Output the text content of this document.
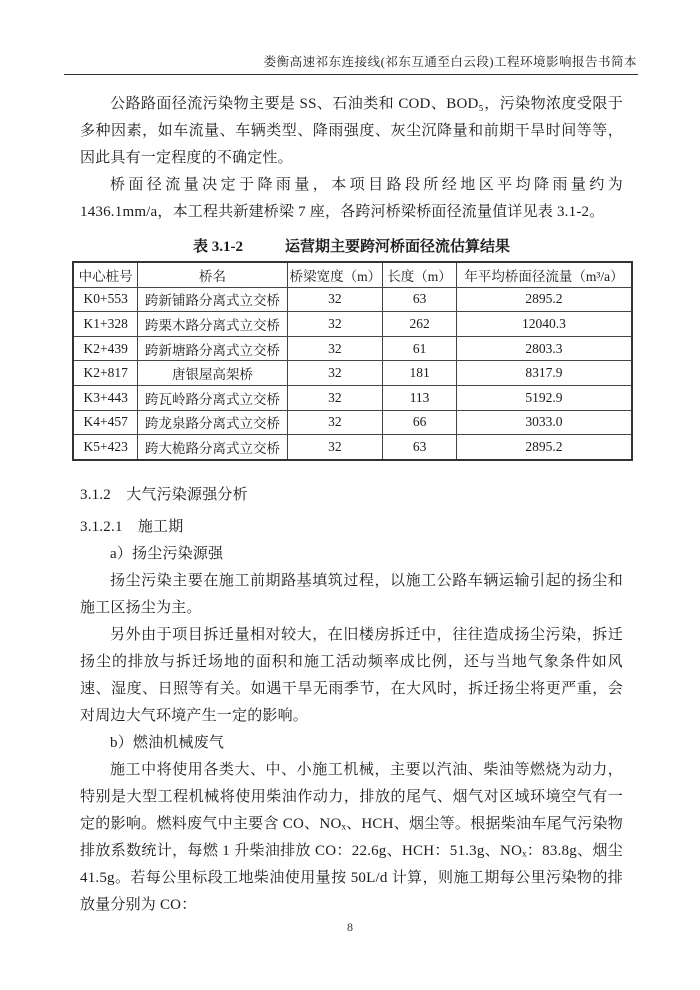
娄衡高速祁东连接线(祁东互通至白云段)工程环境影响报告书简本

公路路面径流污染物主要是 SS、石油类和 COD、BOD₅，污染物浓度受限于多种因素，如车流量、车辆类型、降雨强度、灰尘沉降量和前期干旱时间等等，因此具有一定程度的不确定性。

桥面径流量决定于降雨量，本项目路段所经地区平均降雨量约为 1436.1mm/a，本工程共新建桥梁 7 座，各跨河桥梁桥面径流量值详见表 3.1-2。

表 3.1-2	运营期主要跨河桥面径流估算结果
中心桩号	桥名	桥梁宽度（m）	长度（m）	年平均桥面径流量（m³/a）
K0+553	跨新铺路分离式立交桥	32	63	2895.2
K1+328	跨栗木路分离式立交桥	32	262	12040.3
K2+439	跨新塘路分离式立交桥	32	61	2803.3
K2+817	唐银屋高架桥	32	181	8317.9
K3+443	跨瓦岭路分离式立交桥	32	113	5192.9
K4+457	跨龙泉路分离式立交桥	32	66	3033.0
K5+423	跨大桅路分离式立交桥	32	63	2895.2

3.1.2　大气污染源强分析

3.1.2.1　施工期

a）扬尘污染源强

扬尘污染主要在施工前期路基填筑过程，以施工公路车辆运输引起的扬尘和施工区扬尘为主。

另外由于项目拆迁量相对较大，在旧楼房拆迁中，往往造成扬尘污染，拆迁扬尘的排放与拆迁场地的面积和施工活动频率成比例，还与当地气象条件如风速、湿度、日照等有关。如遇干旱无雨季节，在大风时，拆迁扬尘将更严重，会对周边大气环境产生一定的影响。

b）燃油机械废气

施工中将使用各类大、中、小施工机械，主要以汽油、柴油等燃烧为动力，特别是大型工程机械将使用柴油作动力，排放的尾气、烟气对区域环境空气有一定的影响。燃料废气中主要含 CO、NOₓ、HCH、烟尘等。根据柴油车尾气污染物排放系数统计，每燃 1 升柴油排放 CO：22.6g、HCH：51.3g、NOₓ：83.8g、烟尘 41.5g。若每公里标段工地柴油使用量按 50L/d 计算，则施工期每公里污染物的排放量分别为 CO：

8
